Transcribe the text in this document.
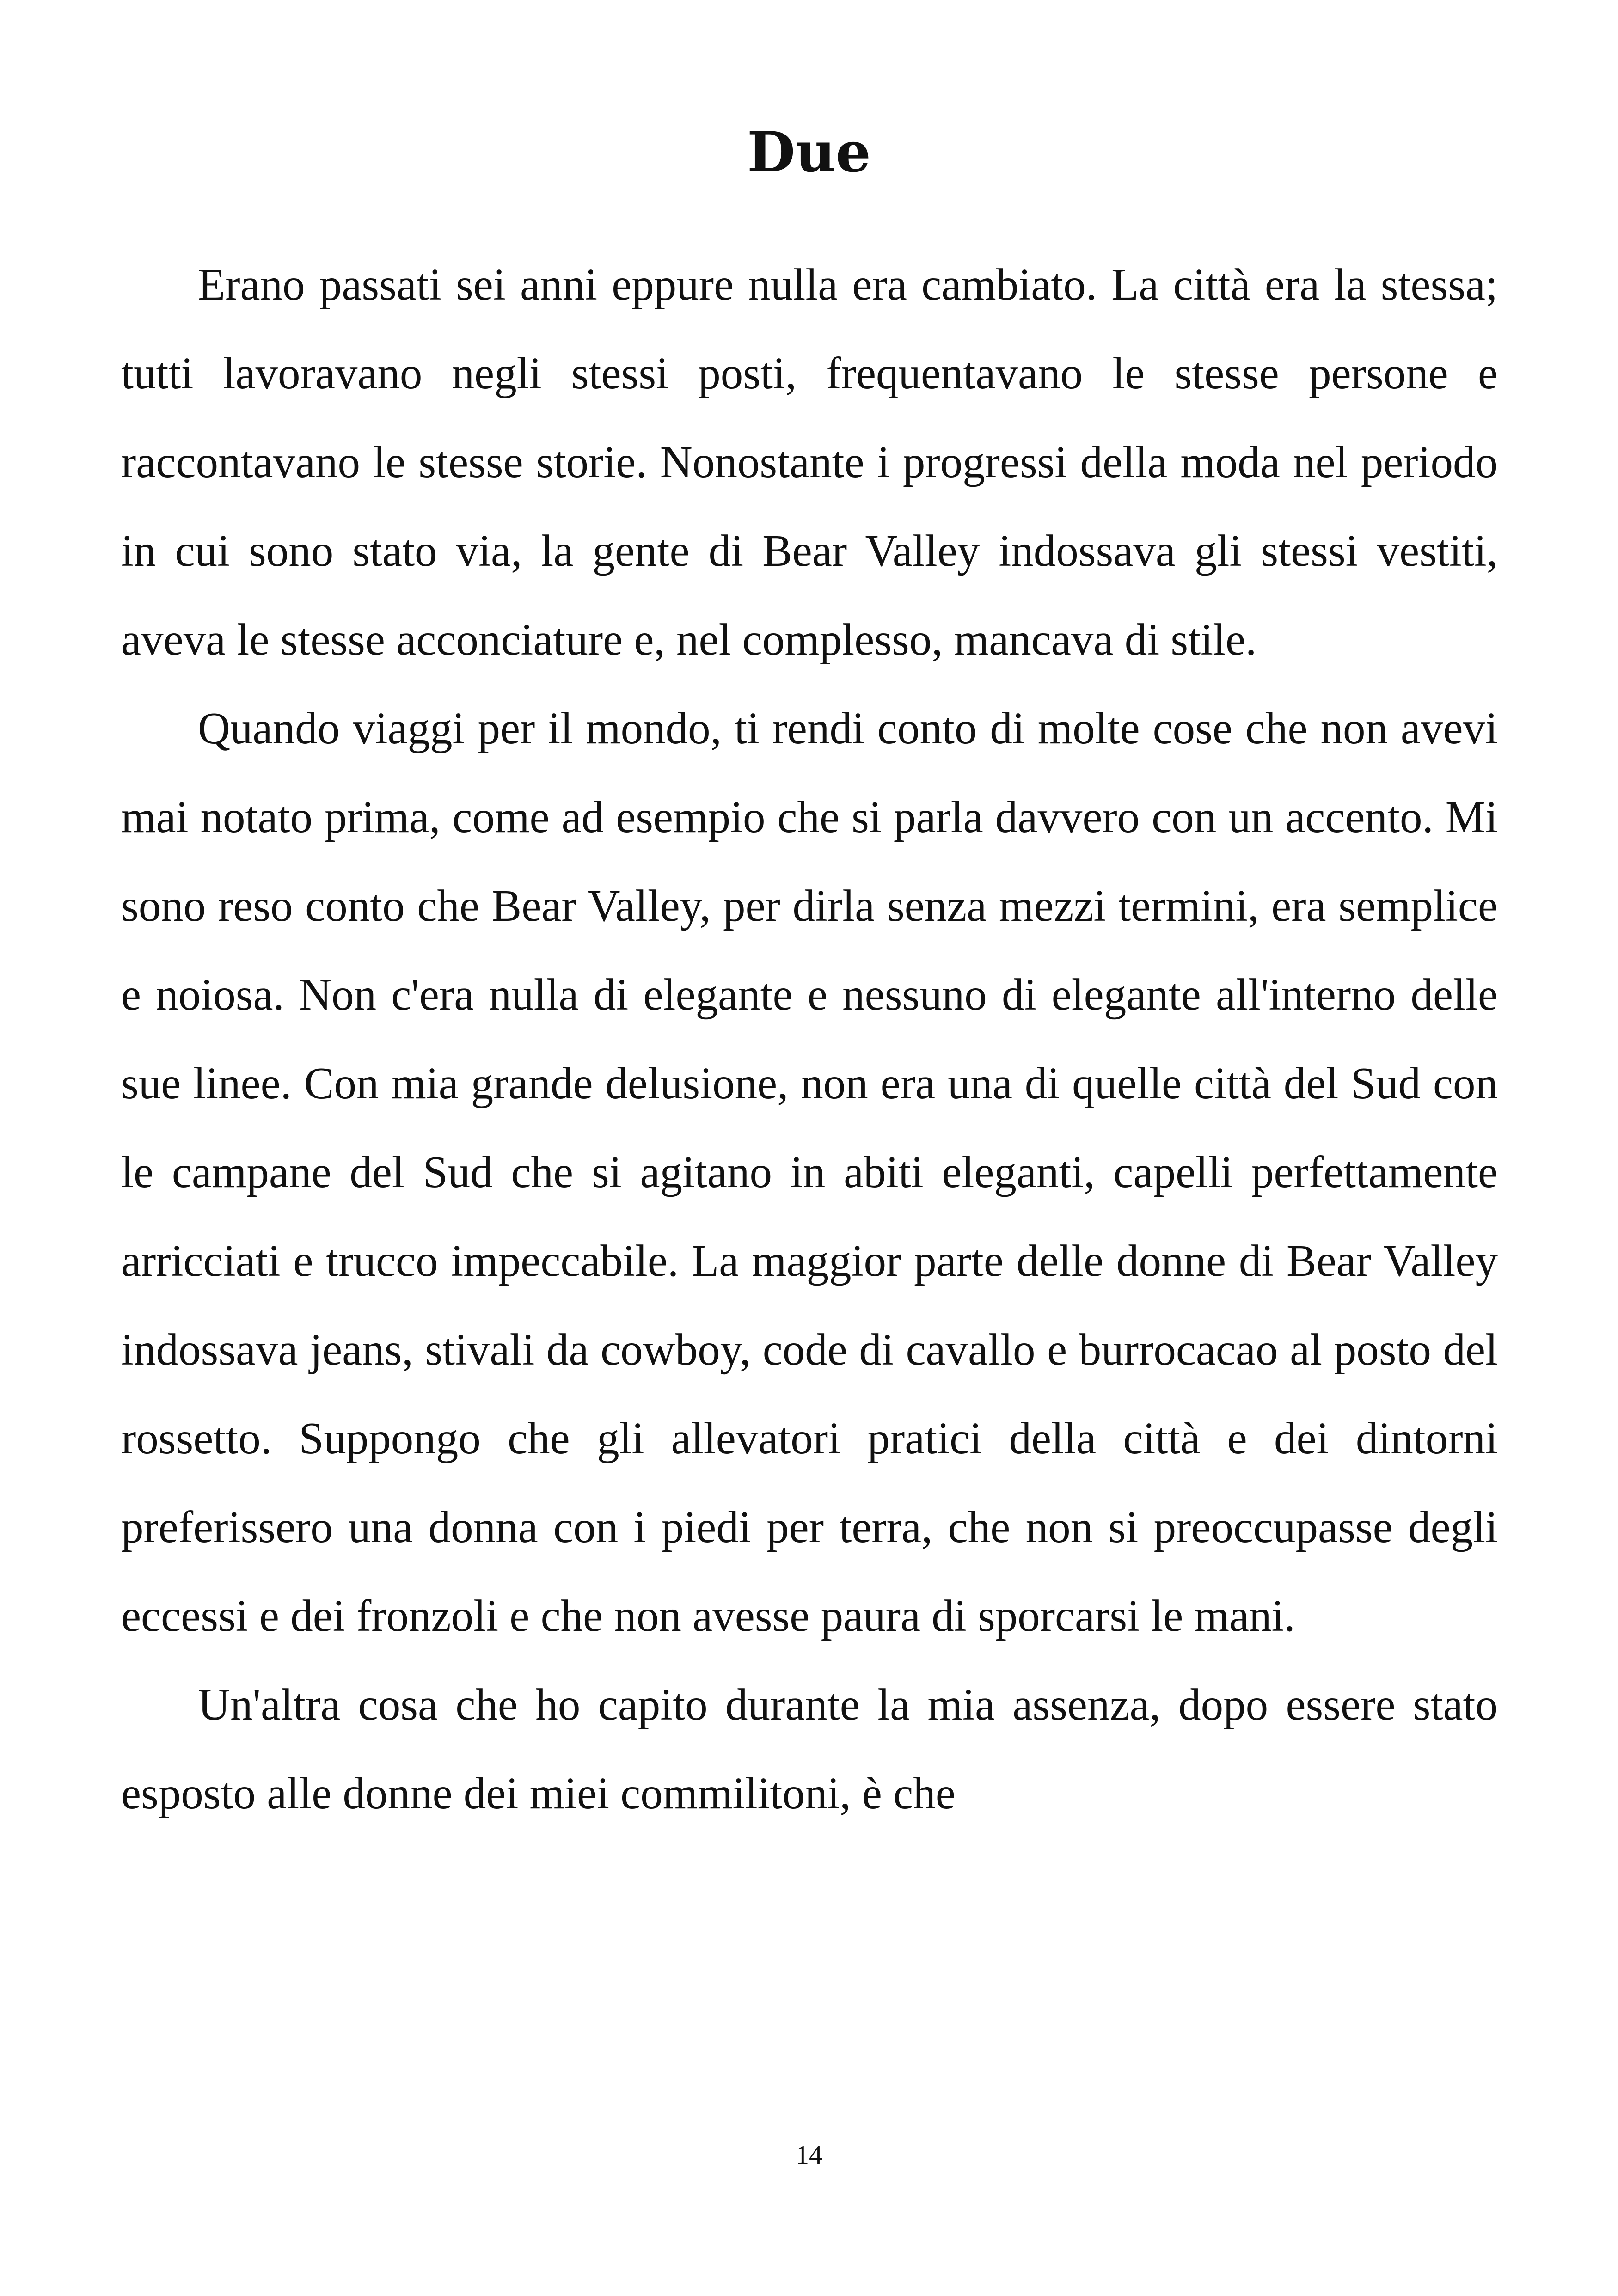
Due

Erano passati sei anni eppure nulla era cambiato. La città era la stessa; tutti lavoravano negli stessi posti, frequentavano le stesse persone e raccontavano le stesse storie. Nonostante i progressi della moda nel periodo in cui sono stato via, la gente di Bear Valley indossava gli stessi vestiti, aveva le stesse acconciature e, nel complesso, mancava di stile.

Quando viaggi per il mondo, ti rendi conto di molte cose che non avevi mai notato prima, come ad esempio che si parla davvero con un accento. Mi sono reso conto che Bear Valley, per dirla senza mezzi termini, era semplice e noiosa. Non c'era nulla di elegante e nessuno di elegante all'interno delle sue linee. Con mia grande delusione, non era una di quelle città del Sud con le campane del Sud che si agitano in abiti eleganti, capelli perfettamente arricciati e trucco impeccabile. La maggior parte delle donne di Bear Valley indossava jeans, stivali da cowboy, code di cavallo e burrocacao al posto del rossetto. Suppongo che gli allevatori pratici della città e dei dintorni preferissero una donna con i piedi per terra, che non si preoccupasse degli eccessi e dei fronzoli e che non avesse paura di sporcarsi le mani.

Un'altra cosa che ho capito durante la mia assenza, dopo essere stato esposto alle donne dei miei commilitoni, è che

14
